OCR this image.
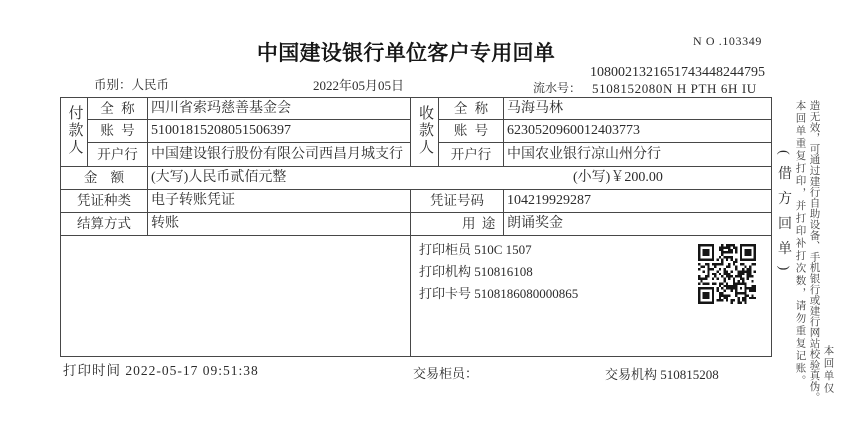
N O .103349
中国建设银行单位客户专用回单
1080021321651743448244795
币别：人民币	2022年05月05日	流水号： 5108152080N H PTH 6H IU
付款人	全 称	四川省索玛慈善基金会	收款人	全 称	马海马林
	账 号	51001815208051506397		账 号	6230520960012403773
	开户行	中国建设银行股份有限公司西昌月城支行		开户行	中国农业银行凉山州分行
金 额		(大写)人民币贰佰元整 (小写)￥200.00			

凭证种类		电子转账凭证	凭证号码		104219929287
结算方式		转账	用 途		朗诵奖金

			打印柜员 510C 1507
打印机构 510816108
打印卡号 5108186080000865		
打印时间 2022-05-17 09:51:38	交易柜员：	交易机构 510815208
(借方回单) 本回单重复打印，并打印补打次数，请勿重复记账。 造无效，可通过建行自助设备、手机银行或建行网站校验真伪。 本回单仅
